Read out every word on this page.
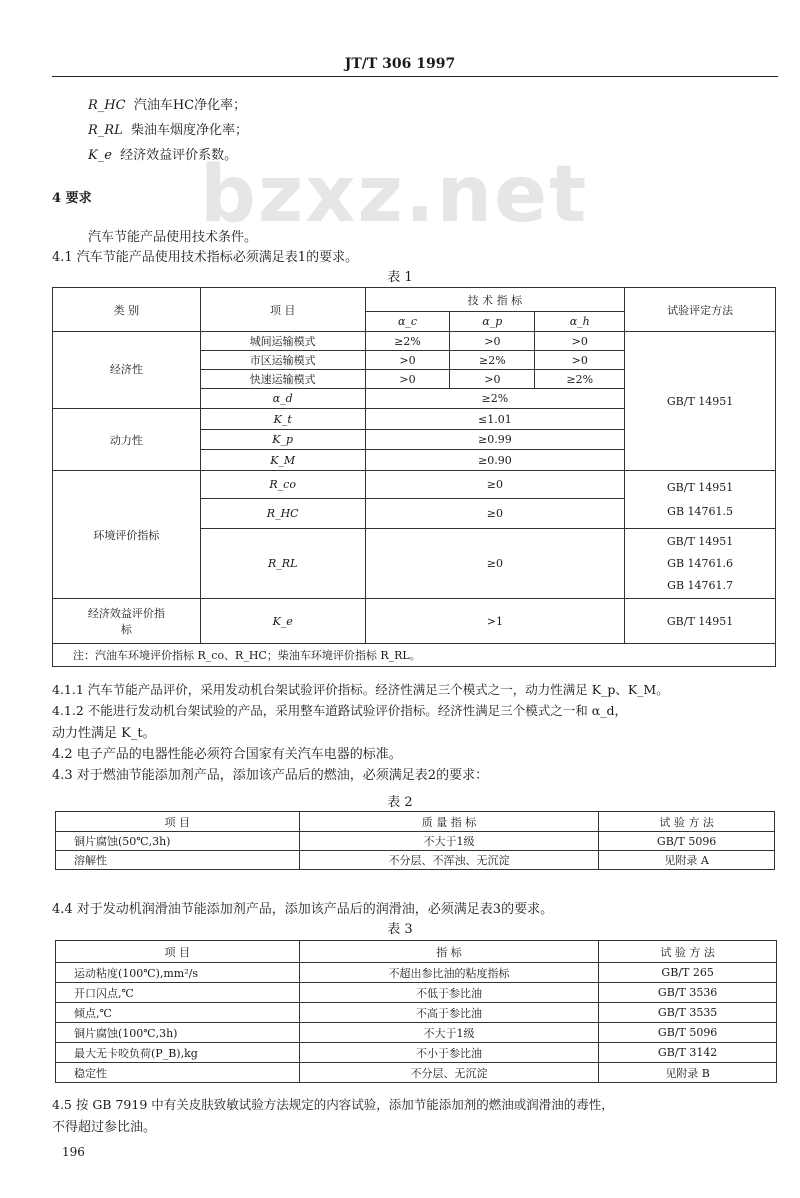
JT/T 306 1997
bzxz.net
R_HC 汽油车HC净化率；
R_RL 柴油车烟度净化率；
K_e 经济效益评价系数。
4 要求
汽车节能产品使用技术条件。
4.1 汽车节能产品使用技术指标必须满足表1的要求。
表 1
类 别	项 目	技 术 指 标			试验评定方法
		α_c	α_p	α_h	
经济性	城间运输模式	≥2%	>0	>0	GB/T 14951
	市区运输模式	>0	≥2%	>0	
	快速运输模式	>0	>0	≥2%	
	α_d	≥2%			
动力性	K_t	≤1.01			
	K_p	≥0.99			
	K_M	≥0.90			
环境评价指标	R_co	≥0			GB/T 14951
GB 14761.5

	R_HC	≥0			
	R_RL	≥0			GB/T 14951
GB 14761.6
GB 14761.7

经济效益评价指标	K_e	>1			GB/T 14951
注：汽油车环境评价指标 R_co、R_HC；柴油车环境评价指标 R_RL。					
4.1.1 汽车节能产品评价，采用发动机台架试验评价指标。经济性满足三个模式之一，动力性满足 K_p、K_M。
4.1.2 不能进行发动机台架试验的产品，采用整车道路试验评价指标。经济性满足三个模式之一和 α_d，
动力性满足 K_t。
4.2 电子产品的电器性能必须符合国家有关汽车电器的标准。
4.3 对于燃油节能添加剂产品，添加该产品后的燃油，必须满足表2的要求：
表 2
项 目	质 量 指 标	试 验 方 法
铜片腐蚀(50℃,3h)	不大于1级	GB/T 5096
溶解性	不分层、不浑浊、无沉淀	见附录 A
4.4 对于发动机润滑油节能添加剂产品，添加该产品后的润滑油，必须满足表3的要求。
表 3
项 目	指 标	试 验 方 法
运动粘度(100℃),mm²/s	不超出参比油的粘度指标	GB/T 265
开口闪点,℃	不低于参比油	GB/T 3536
倾点,℃	不高于参比油	GB/T 3535
铜片腐蚀(100℃,3h)	不大于1级	GB/T 5096
最大无卡咬负荷(P_B),kg	不小于参比油	GB/T 3142
稳定性	不分层、无沉淀	见附录 B
4.5 按 GB 7919 中有关皮肤致敏试验方法规定的内容试验，添加节能添加剂的燃油或润滑油的毒性，
不得超过参比油。
196
